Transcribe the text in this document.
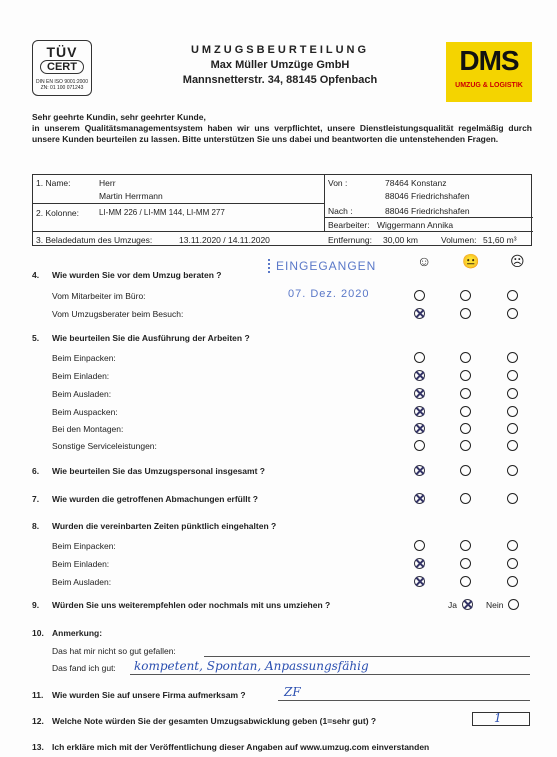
TÜV
CERT
DIN EN ISO 9001:2000
ZN: 01 100 071243
UMZUGSBEURTEILUNG
Max Müller Umzüge GmbH
Mannsnetterstr. 34, 88145 Opfenbach
DMS
UMZUG & LOGISTIK

Sehr geehrte Kundin, sehr geehrter Kunde,

in unserem Qualitätsmanagementsystem haben wir uns verpflichtet, unsere Dienstleistungsqualität regelmäßig durch unsere Kunden beurteilen zu lassen. Bitte unterstützen Sie uns dabei und beantworten die untenstehenden Fragen.

1. Name:	Herr
Martin Herrmann
2. Kolonne: LI-MM 226 / LI-MM 144, LI-MM 277
3. Beladedatum des Umzuges:	13.11.2020 / 14.11.2020
Von :	78464 Konstanz
88046 Friedrichshafen
Nach :	88046 Friedrichshafen
Bearbeiter: Wiggermann Annika
Entfernung: 30,00 km	Volumen: 51,60 m³
EINGEGANGEN
07. Dez. 2020
☺ 😐 ☹
4. Wie wurden Sie vor dem Umzug beraten ?
Vom Mitarbeiter im Büro:
Vom Umzugsberater beim Besuch:
5. Wie beurteilen Sie die Ausführung der Arbeiten ?
Beim Einpacken:
Beim Einladen:
Beim Ausladen:
Beim Auspacken:
Bei den Montagen:
Sonstige Serviceleistungen:
6. Wie beurteilen Sie das Umzugspersonal insgesamt ?
7. Wie wurden die getroffenen Abmachungen erfüllt ?
8. Wurden die vereinbarten Zeiten pünktlich eingehalten ?
Beim Einpacken:
Beim Einladen:
Beim Ausladen:
9. Würden Sie uns weiterempfehlen oder nochmals mit uns umziehen ?	Ja	Nein
10. Anmerkung:
Das hat mir nicht so gut gefallen:
Das fand ich gut: kompetent, Spontan, Anpassungsfähig
11. Wie wurden Sie auf unsere Firma aufmerksam ?	ZF
12. Welche Note würden Sie der gesamten Umzugsabwicklung geben (1=sehr gut) ?	1
13. Ich erkläre mich mit der Veröffentlichung dieser Angaben auf www.umzug.com einverstanden
